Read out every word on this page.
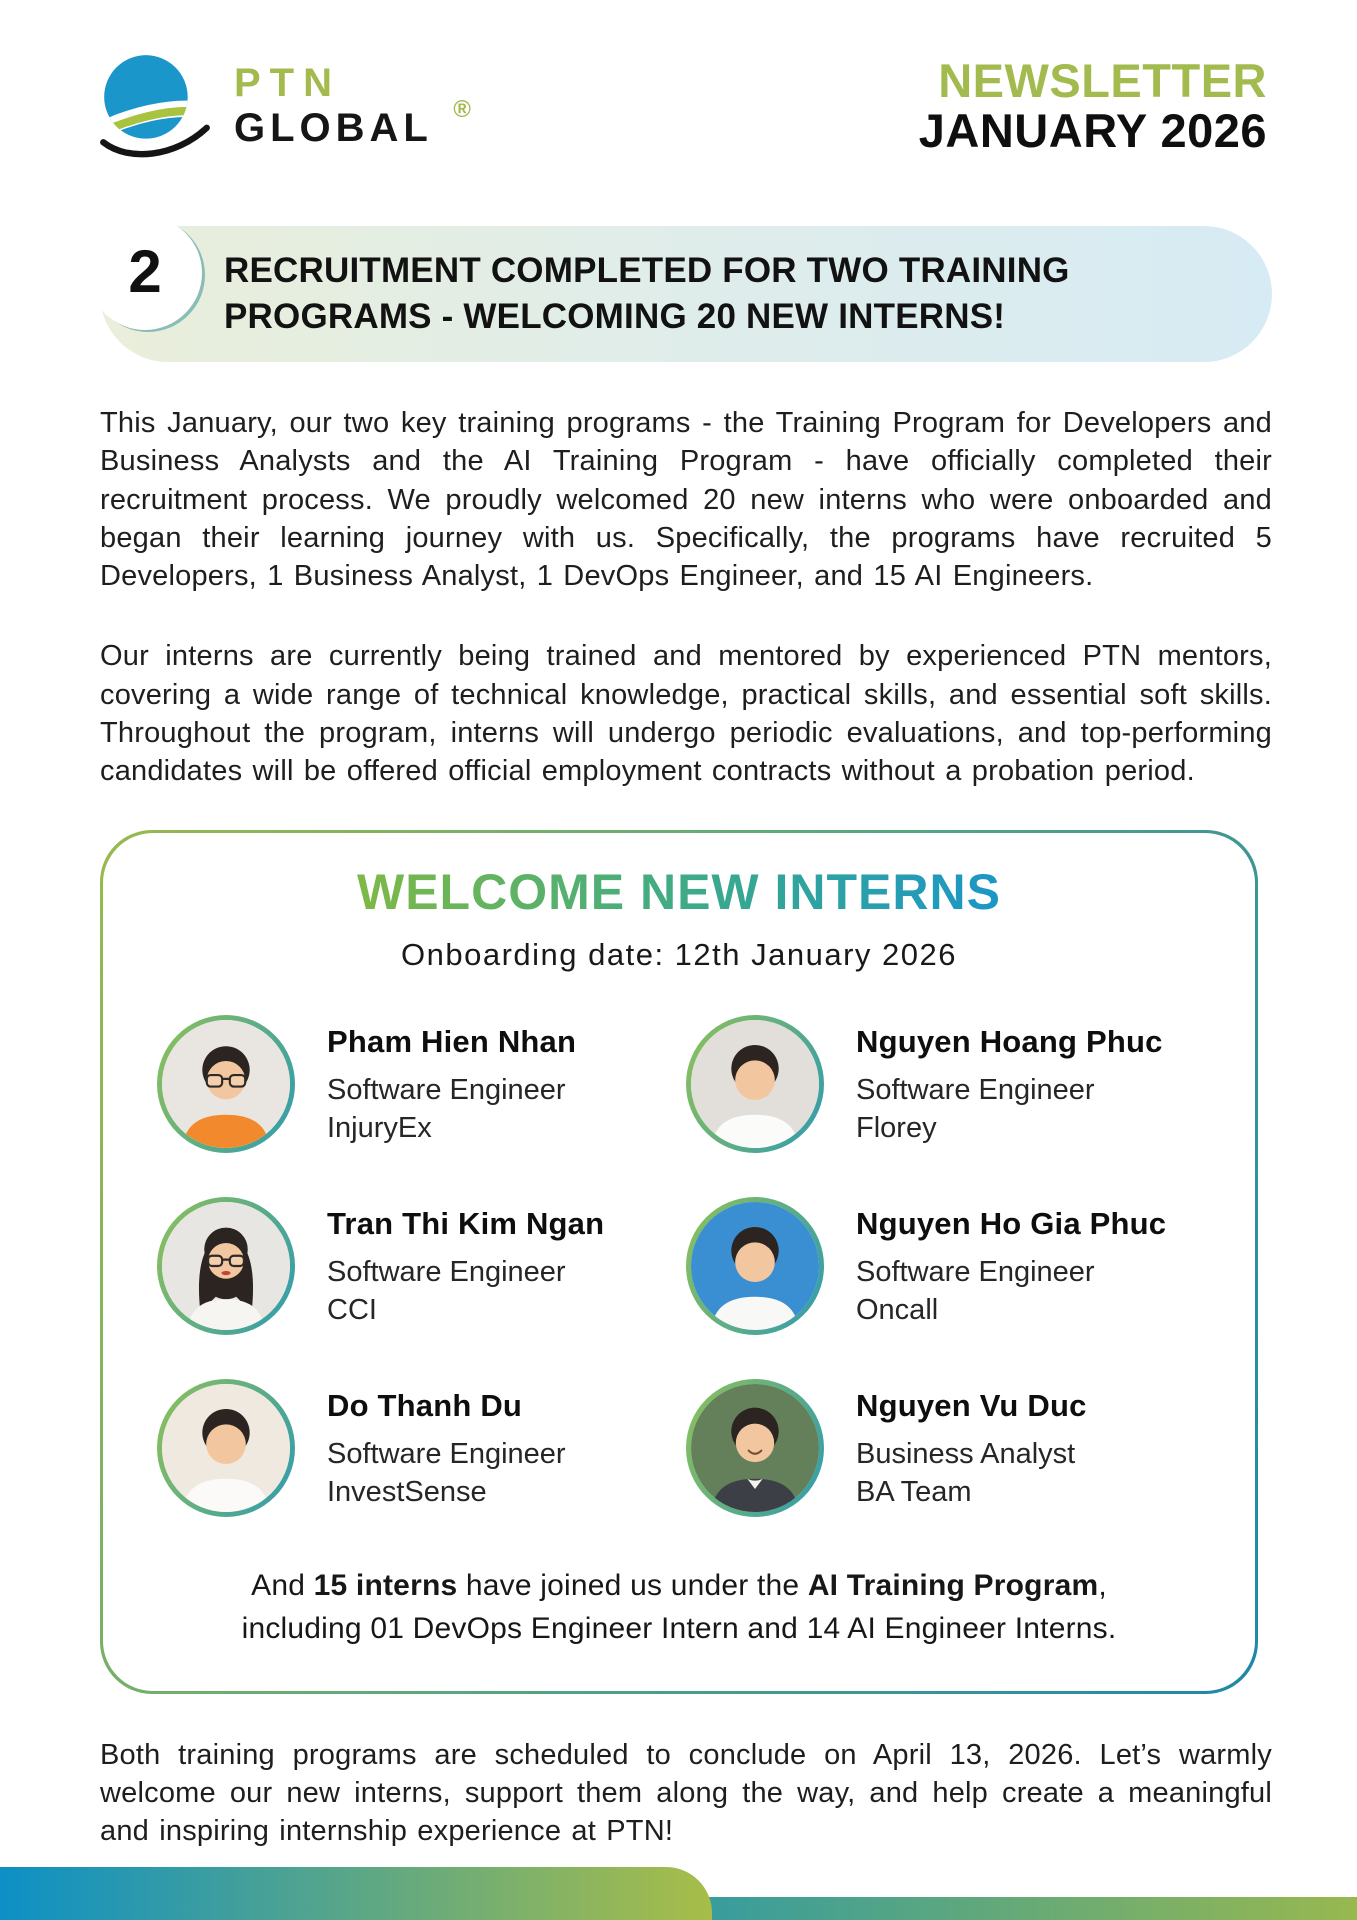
PTN
GLOBAL ®
NEWSLETTER
JANUARY 2026
2 RECRUITMENT COMPLETED FOR TWO TRAINING PROGRAMS - WELCOMING 20 NEW INTERNS!

This January, our two key training programs - the Training Program for Developers and Business Analysts and the AI Training Program - have officially completed their recruitment process. We proudly welcomed 20 new interns who were onboarded and began their learning journey with us. Specifically, the programs have recruited 5 Developers, 1 Business Analyst, 1 DevOps Engineer, and 15 AI Engineers.

Our interns are currently being trained and mentored by experienced PTN mentors, covering a wide range of technical knowledge, practical skills, and essential soft skills. Throughout the program, interns will undergo periodic evaluations, and top-performing candidates will be offered official employment contracts without a probation period.

WELCOME NEW INTERNS
Onboarding date: 12th January 2026
Pham Hien Nhan
Software Engineer
InjuryEx
Nguyen Hoang Phuc
Software Engineer
Florey
Tran Thi Kim Ngan
Software Engineer
CCI
Nguyen Ho Gia Phuc
Software Engineer
Oncall
Do Thanh Du
Software Engineer
InvestSense
Nguyen Vu Duc
Business Analyst
BA Team
And 15 interns have joined us under the AI Training Program,
including 01 DevOps Engineer Intern and 14 AI Engineer Interns.

Both training programs are scheduled to conclude on April 13, 2026. Let’s warmly welcome our new interns, support them along the way, and help create a meaningful and inspiring internship experience at PTN!
